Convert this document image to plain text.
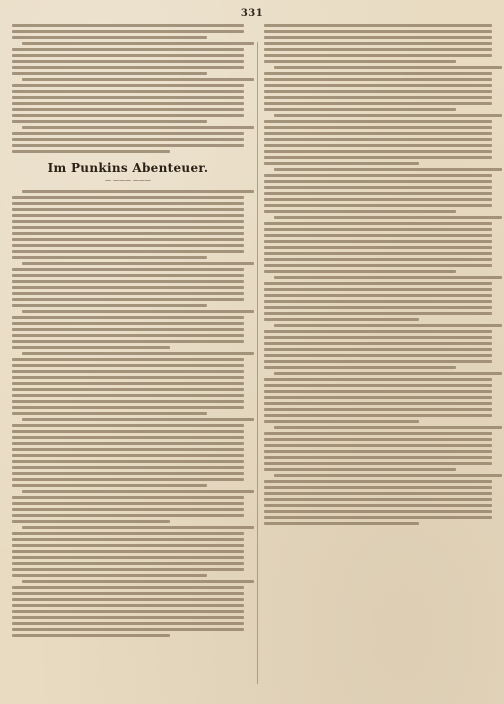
331
Im Punkins Abenteuer.
— ——— ———
